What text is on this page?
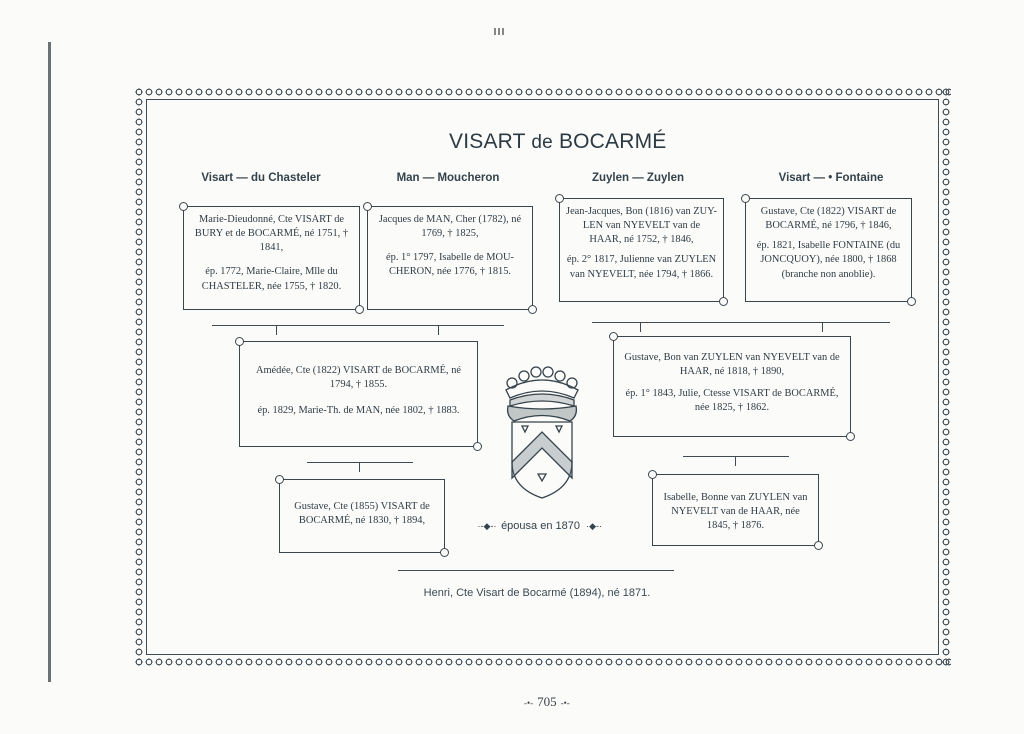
VISART de BOCARMÉ
Visart — du Chasteler	Man — Moucheron	Zuylen — Zuylen	Visart — • Fontaine

Marie-Dieudonné, Cte VISART de BURY et de BOCARMÉ, né 1751, † 1841,

ép. 1772, Marie-Claire, Mlle du CHASTELER, née 1755, † 1820.

Jacques de MAN, Cher (1782), né 1769, † 1825,

ép. 1° 1797, Isabelle de MOU-CHERON, née 1776, † 1815.

Jean-Jacques, Bon (1816) van ZUY-LEN van NYEVELT van de HAAR, né 1752, † 1846,

ép. 2° 1817, Julienne van ZUYLEN van NYEVELT, née 1794, † 1866.

Gustave, Cte (1822) VISART de BOCARMÉ, né 1796, † 1846,

ép. 1821, Isabelle FONTAINE (du JONCQUOY), née 1800, † 1868 (branche non anoblie).

Amédée, Cte (1822) VISART de BOCARMÉ, né 1794, † 1855.

ép. 1829, Marie-Th. de MAN, née 1802, † 1883.

Gustave, Bon van ZUYLEN van NYEVELT van de HAAR, né 1818, † 1890,

ép. 1° 1843, Julie, Ctesse VISART de BOCARMÉ, née 1825, † 1862.

Gustave, Cte (1855) VISART de BOCARMÉ, né 1830, † 1894,

Isabelle, Bonne van ZUYLEN van NYEVELT van de HAAR, née 1845, † 1876.

·-◆-· épousa en 1870 ·◆-·
Henri, Cte Visart de Bocarmé (1894), né 1871.
-•- 705 -•-
